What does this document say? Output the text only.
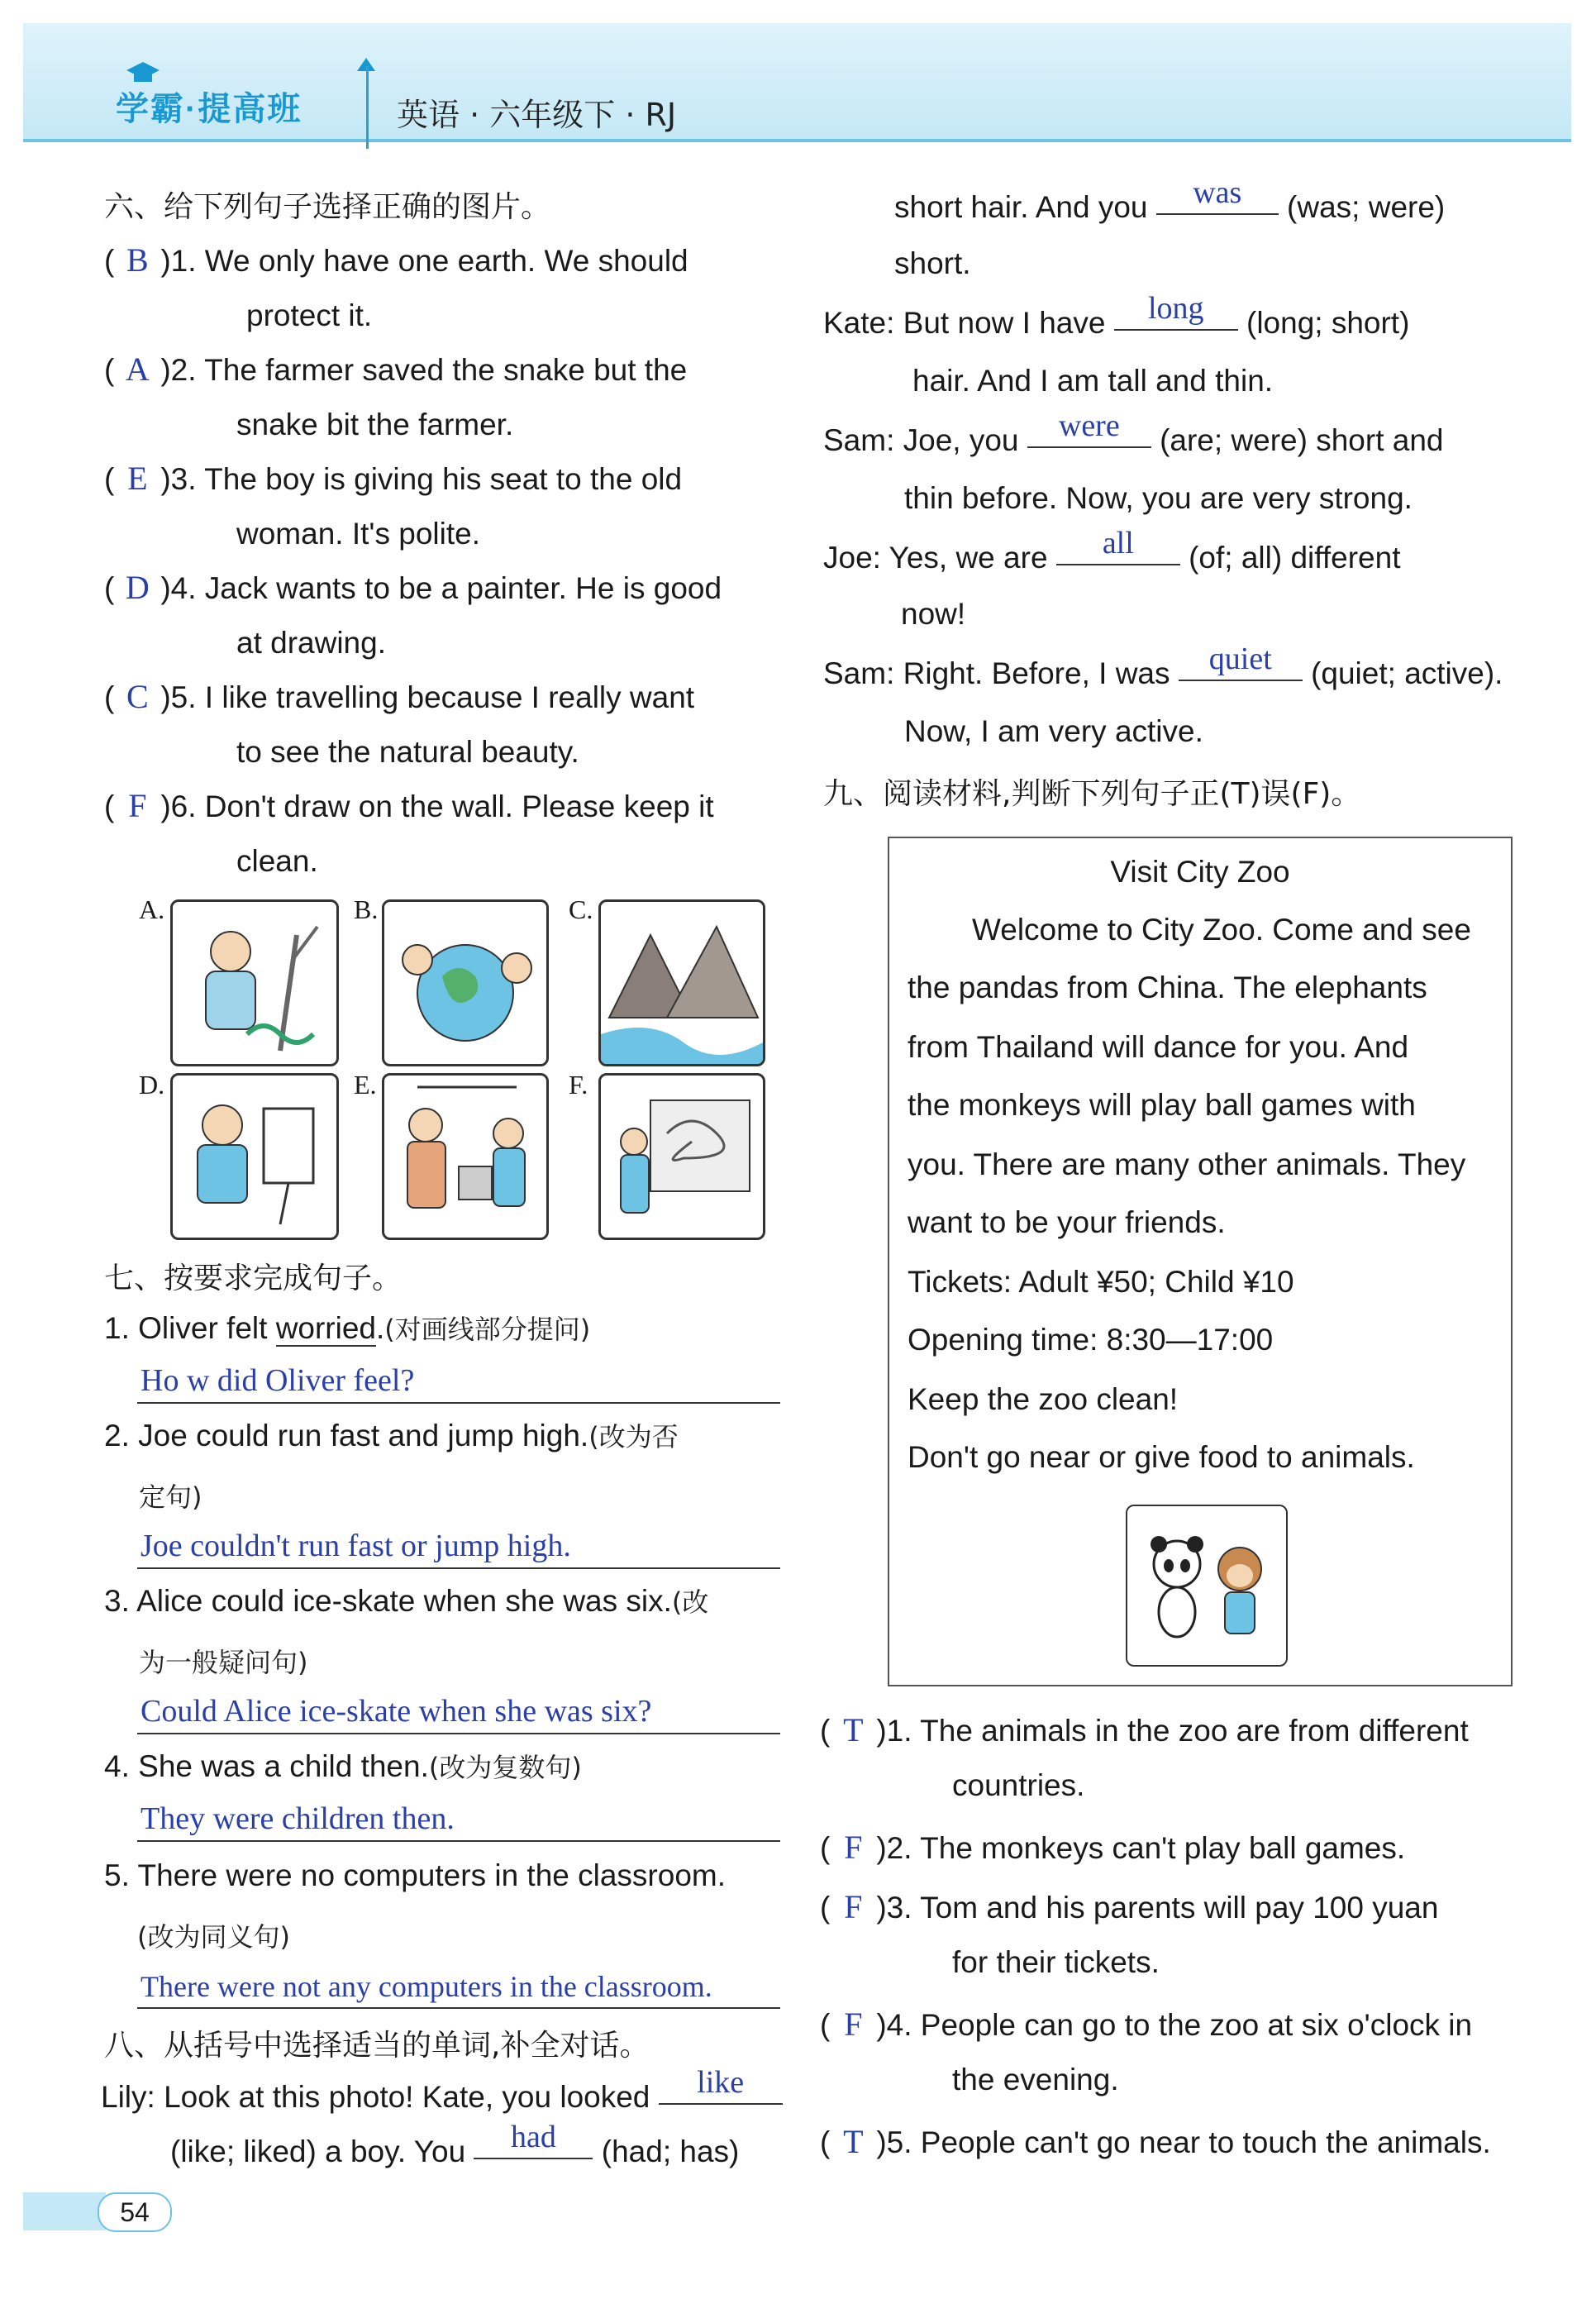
学霸·提高班	英语 · 六年级下 · RJ
六、给下列句子选择正确的图片。
( B )1. We only have one earth. We should
protect it.
( A )2. The farmer saved the snake but the
snake bit the farmer.
( E )3. The boy is giving his seat to the old
woman. It's polite.
( D )4. Jack wants to be a painter. He is good
at drawing.
( C )5. I like travelling because I really want
to see the natural beauty.
( F )6. Don't draw on the wall. Please keep it
clean.
A.	B.	C.
D.	E.	F.
七、按要求完成句子。
1. Oliver felt worried.(对画线部分提问)
Ho w did Oliver feel?
2. Joe could run fast and jump high.(改为否
定句)
Joe couldn't run fast or jump high.
3. Alice could ice-skate when she was six.(改
为一般疑问句)
Could Alice ice-skate when she was six?
4. She was a child then.(改为复数句)
They were children then.
5. There were no computers in the classroom.
(改为同义句)
There were not any computers in the classroom.
八、从括号中选择适当的单词,补全对话。
Lily: Look at this photo! Kate, you looked like
(like; liked) a boy. You had (had; has)
short hair. And you was (was; were)
short.
Kate: But now I have long (long; short)
hair. And I am tall and thin.
Sam: Joe, you were (are; were) short and
thin before. Now, you are very strong.
Joe: Yes, we are all (of; all) different
now!
Sam: Right. Before, I was quiet (quiet; active).
Now, I am very active.
九、阅读材料,判断下列句子正(T)误(F)。
Visit City Zoo
Welcome to City Zoo. Come and see
the pandas from China. The elephants
from Thailand will dance for you. And
the monkeys will play ball games with
you. There are many other animals. They
want to be your friends.
Tickets: Adult ¥50; Child ¥10
Opening time: 8:30—17:00
Keep the zoo clean!
Don't go near or give food to animals.
( T )1. The animals in the zoo are from different
countries.
( F )2. The monkeys can't play ball games.
( F )3. Tom and his parents will pay 100 yuan
for their tickets.
( F )4. People can go to the zoo at six o'clock in
the evening.
( T )5. People can't go near to touch the animals.
54
